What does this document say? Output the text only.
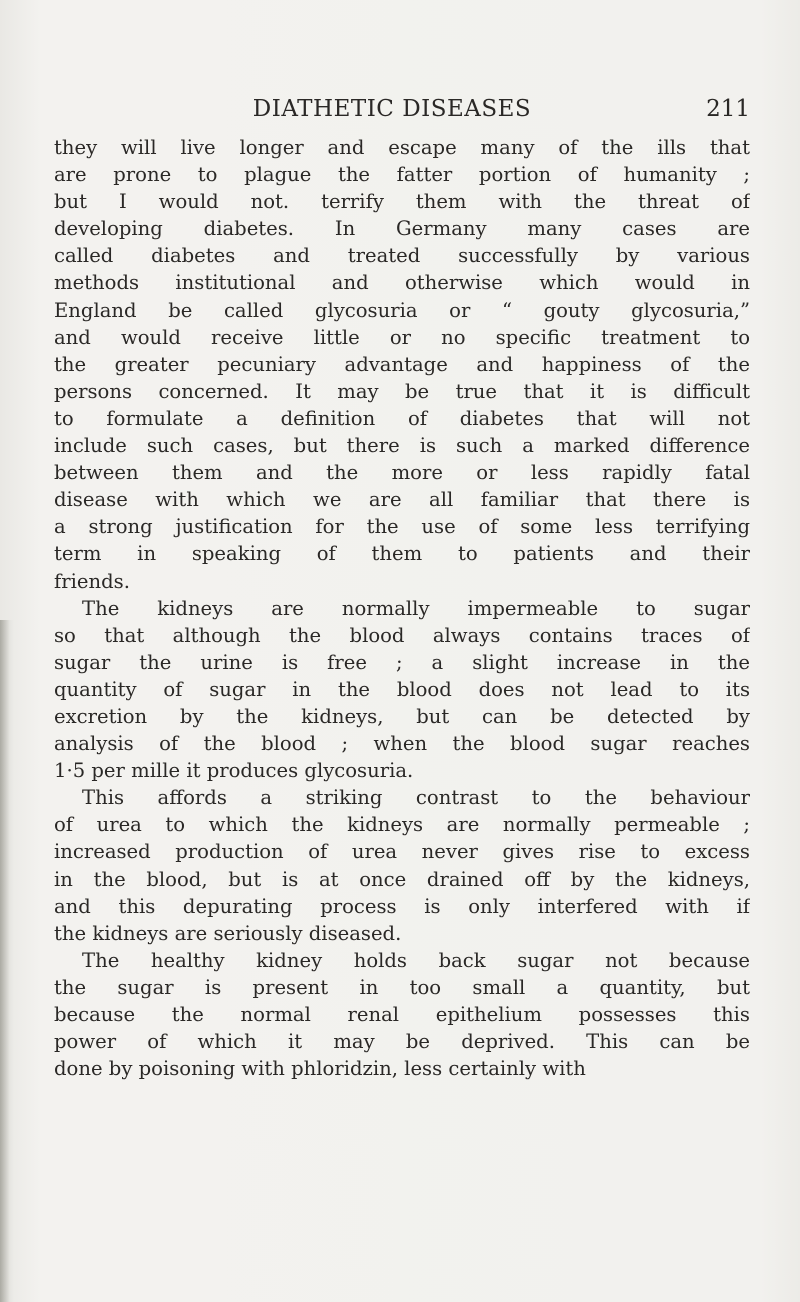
DIATHETIC DISEASES	211
they will live longer and escape many of the ills that
are prone to plague the fatter portion of humanity ;
but I would not. terrify them with the threat of
developing diabetes. In Germany many cases are
called diabetes and treated successfully by various
methods institutional and otherwise which would in
England be called glycosuria or “ gouty glycosuria,”
and would receive little or no specific treatment to
the greater pecuniary advantage and happiness of the
persons concerned. It may be true that it is difficult
to formulate a definition of diabetes that will not
include such cases, but there is such a marked difference
between them and the more or less rapidly fatal
disease with which we are all familiar that there is
a strong justification for the use of some less terrifying
term in speaking of them to patients and their
friends.
The kidneys are normally impermeable to sugar
so that although the blood always contains traces of
sugar the urine is free ; a slight increase in the
quantity of sugar in the blood does not lead to its
excretion by the kidneys, but can be detected by
analysis of the blood ; when the blood sugar reaches
1·5 per mille it produces glycosuria.
This affords a striking contrast to the behaviour
of urea to which the kidneys are normally permeable ;
increased production of urea never gives rise to excess
in the blood, but is at once drained off by the kidneys,
and this depurating process is only interfered with if
the kidneys are seriously diseased.
The healthy kidney holds back sugar not because
the sugar is present in too small a quantity, but
because the normal renal epithelium possesses this
power of which it may be deprived. This can be
done by poisoning with phloridzin, less certainly with
